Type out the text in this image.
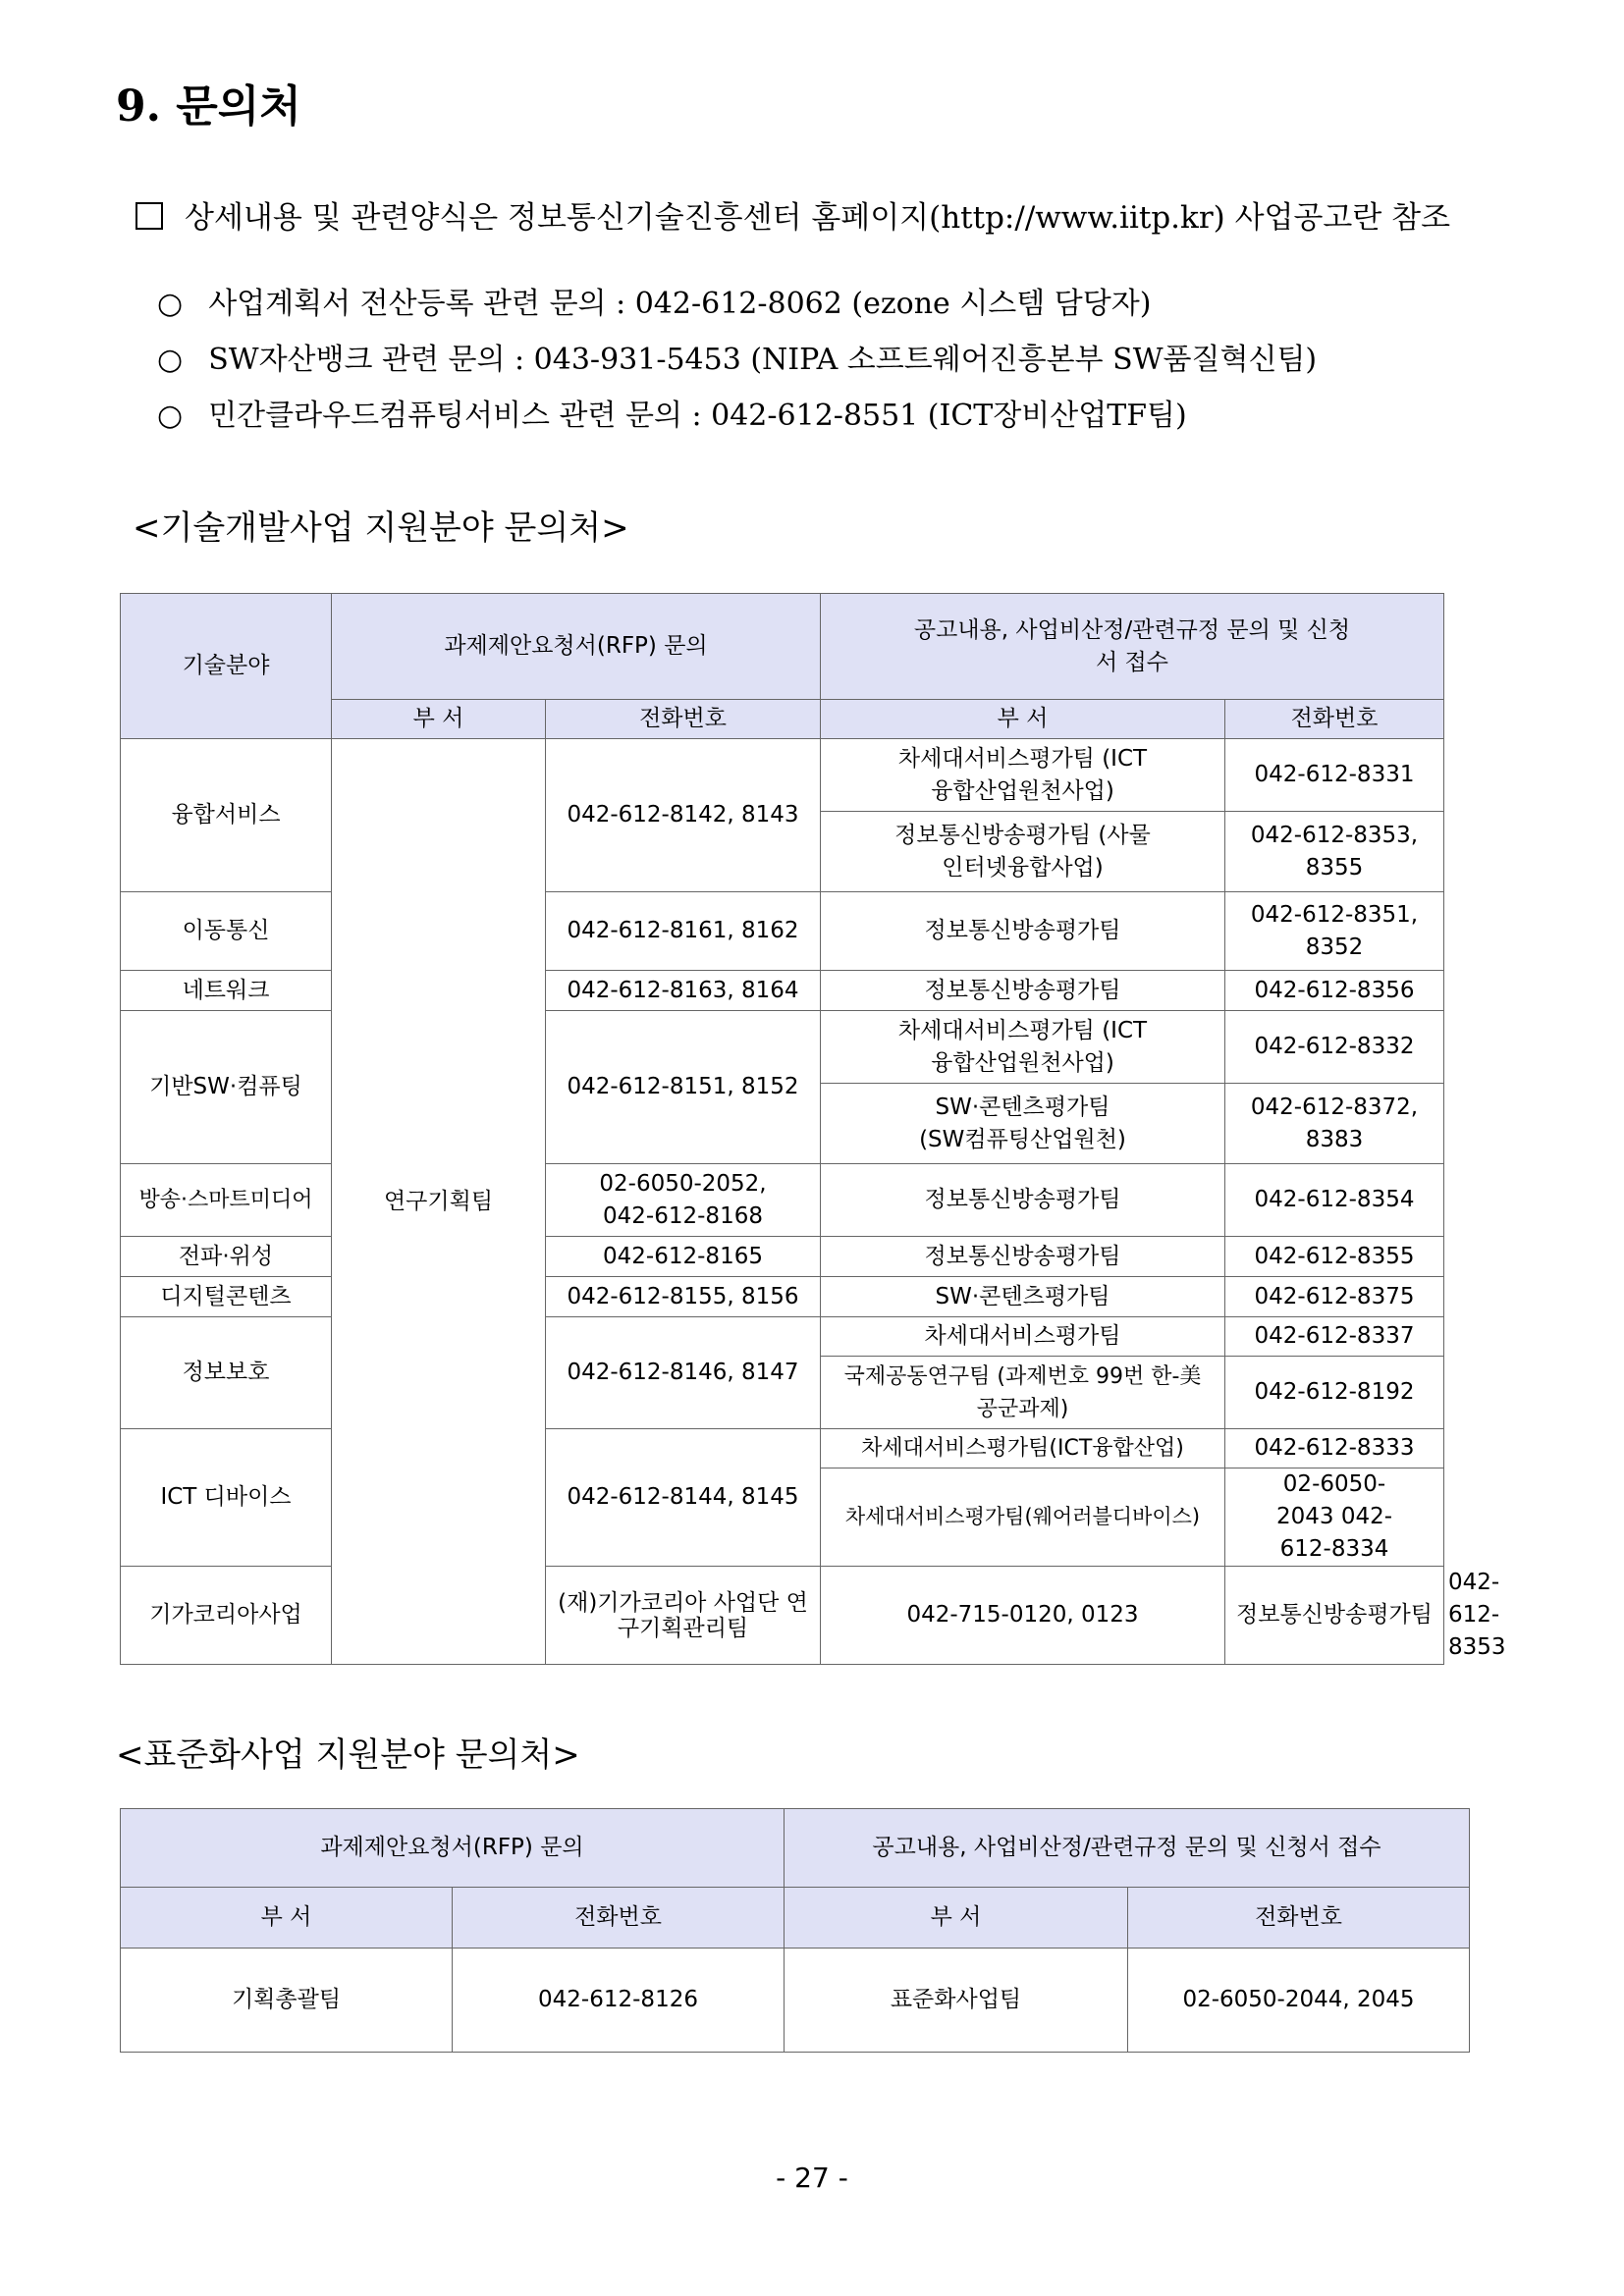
9. 문의처
상세내용 및 관련양식은 정보통신기술진흥센터 홈페이지(http://www.iitp.kr) 사업공고란 참조
○ 사업계획서 전산등록 관련 문의 : 042-612-8062 (ezone 시스템 담당자)
○ SW자산뱅크 관련 문의 : 043-931-5453 (NIPA 소프트웨어진흥본부 SW품질혁신팀)
○ 민간클라우드컴퓨팅서비스 관련 문의 : 042-612-8551 (ICT장비산업TF팀)
<기술개발사업 지원분야 문의처>
기술분야	과제제안요청서(RFP) 문의		공고내용, 사업비산정/관련규정 문의 및 신청서 접수		
	부 서	전화번호	부 서	전화번호	
융합서비스	연구기획팀	042-612-8142, 8143	차세대서비스평가팀 (ICT융합산업원천사업)	042-612-8331	
			정보통신방송평가팀 (사물인터넷융합사업)	042-612-8353, 8355	
이동통신		042-612-8161, 8162	정보통신방송평가팀	042-612-8351, 8352	
네트워크		042-612-8163, 8164	정보통신방송평가팀	042-612-8356	
기반SW·컴퓨팅		042-612-8151, 8152	차세대서비스평가팀 (ICT융합산업원천사업)	042-612-8332	
			SW·콘텐츠평가팀 (SW컴퓨팅산업원천)	042-612-8372, 8383	
방송·스마트미디어		02-6050-2052, 042-612-8168	정보통신방송평가팀	042-612-8354	
전파·위성		042-612-8165	정보통신방송평가팀	042-612-8355	
디지털콘텐츠		042-612-8155, 8156	SW·콘텐츠평가팀	042-612-8375	
정보보호		042-612-8146, 8147	차세대서비스평가팀	042-612-8337	
			국제공동연구팀 (과제번호 99번 한-美 공군과제)	042-612-8192	
ICT 디바이스		042-612-8144, 8145	차세대서비스평가팀(ICT융합산업)	042-612-8333	
			차세대서비스평가팀(웨어러블디바이스)	02-6050-2043 042-612-8334	
기가코리아사업		(재)기가코리아 사업단 연구기획관리팀	042-715-0120, 0123	정보통신방송평가팀	042-612-8353
<표준화사업 지원분야 문의처>
과제제안요청서(RFP) 문의		공고내용, 사업비산정/관련규정 문의 및 신청서 접수	
부 서	전화번호	부 서	전화번호
기획총괄팀	042-612-8126	표준화사업팀	02-6050-2044, 2045
- 27 -
